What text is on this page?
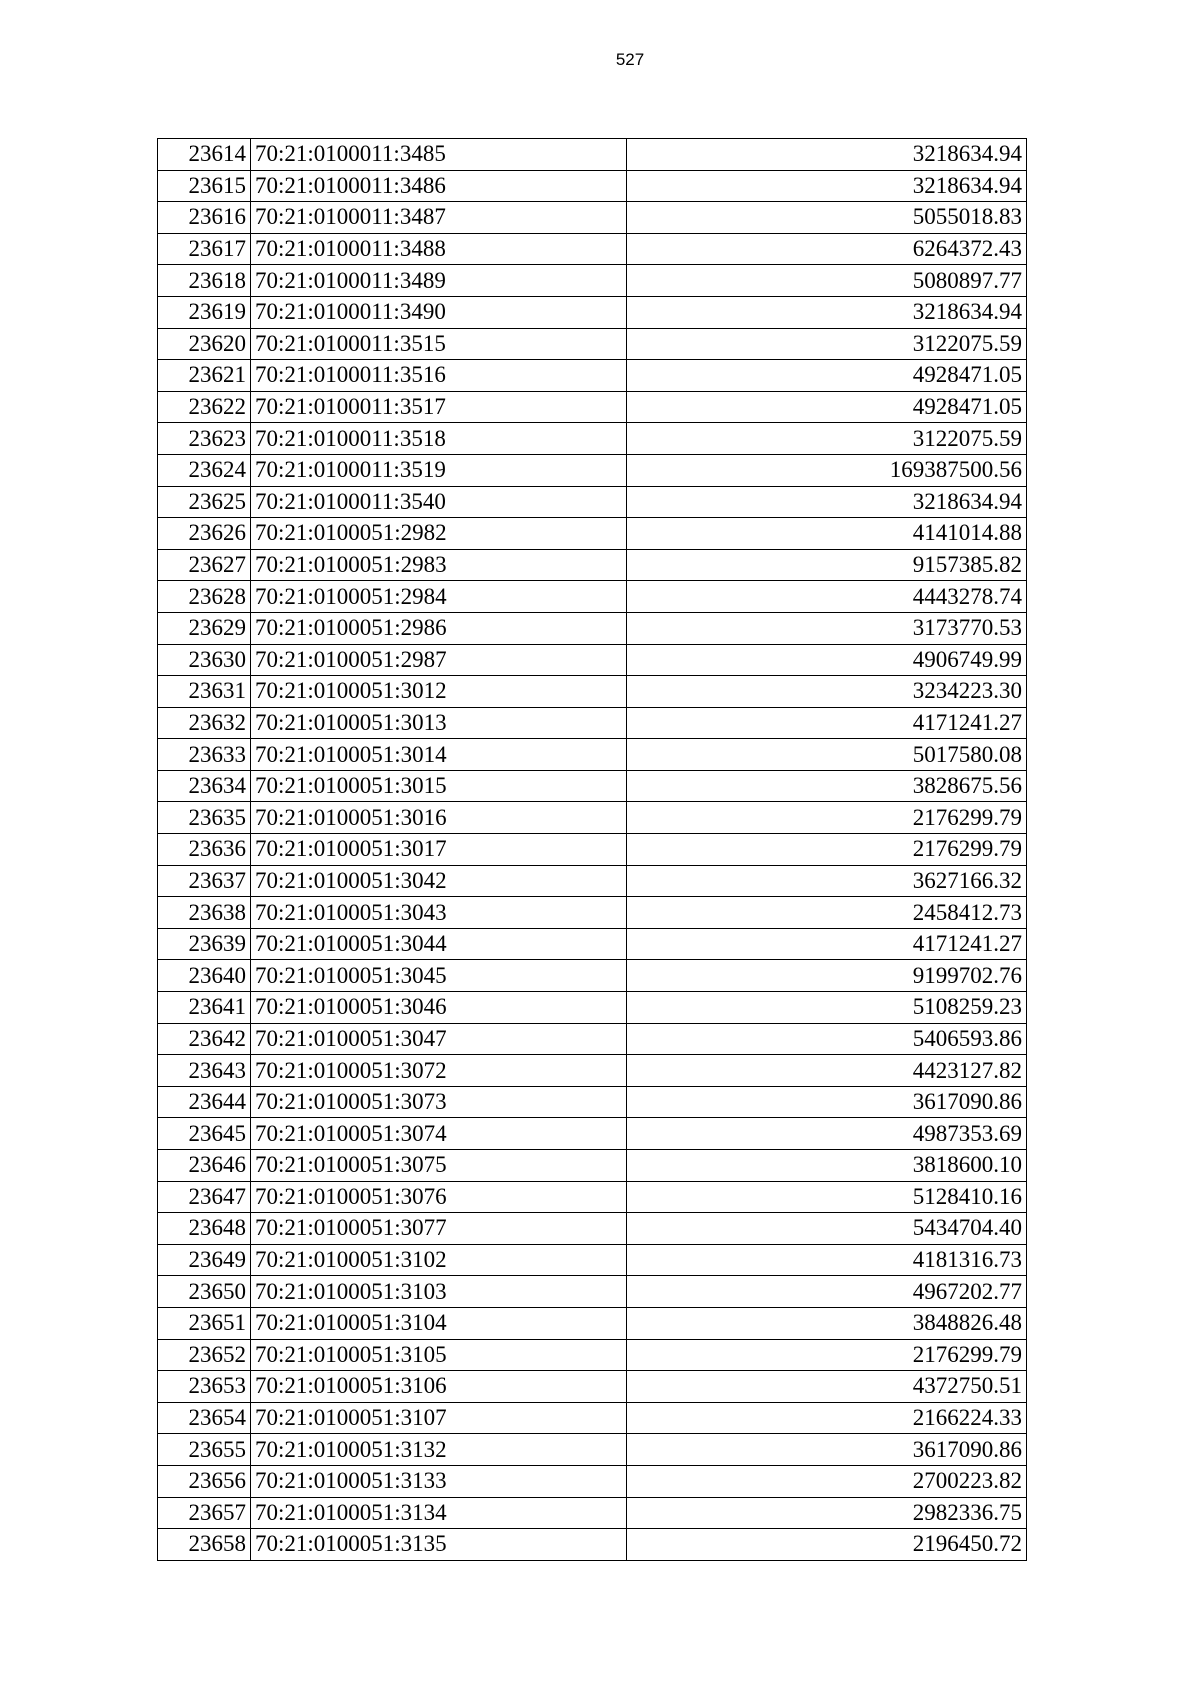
527
23614	70:21:0100011:3485	3218634.94
23615	70:21:0100011:3486	3218634.94
23616	70:21:0100011:3487	5055018.83
23617	70:21:0100011:3488	6264372.43
23618	70:21:0100011:3489	5080897.77
23619	70:21:0100011:3490	3218634.94
23620	70:21:0100011:3515	3122075.59
23621	70:21:0100011:3516	4928471.05
23622	70:21:0100011:3517	4928471.05
23623	70:21:0100011:3518	3122075.59
23624	70:21:0100011:3519	169387500.56
23625	70:21:0100011:3540	3218634.94
23626	70:21:0100051:2982	4141014.88
23627	70:21:0100051:2983	9157385.82
23628	70:21:0100051:2984	4443278.74
23629	70:21:0100051:2986	3173770.53
23630	70:21:0100051:2987	4906749.99
23631	70:21:0100051:3012	3234223.30
23632	70:21:0100051:3013	4171241.27
23633	70:21:0100051:3014	5017580.08
23634	70:21:0100051:3015	3828675.56
23635	70:21:0100051:3016	2176299.79
23636	70:21:0100051:3017	2176299.79
23637	70:21:0100051:3042	3627166.32
23638	70:21:0100051:3043	2458412.73
23639	70:21:0100051:3044	4171241.27
23640	70:21:0100051:3045	9199702.76
23641	70:21:0100051:3046	5108259.23
23642	70:21:0100051:3047	5406593.86
23643	70:21:0100051:3072	4423127.82
23644	70:21:0100051:3073	3617090.86
23645	70:21:0100051:3074	4987353.69
23646	70:21:0100051:3075	3818600.10
23647	70:21:0100051:3076	5128410.16
23648	70:21:0100051:3077	5434704.40
23649	70:21:0100051:3102	4181316.73
23650	70:21:0100051:3103	4967202.77
23651	70:21:0100051:3104	3848826.48
23652	70:21:0100051:3105	2176299.79
23653	70:21:0100051:3106	4372750.51
23654	70:21:0100051:3107	2166224.33
23655	70:21:0100051:3132	3617090.86
23656	70:21:0100051:3133	2700223.82
23657	70:21:0100051:3134	2982336.75
23658	70:21:0100051:3135	2196450.72
